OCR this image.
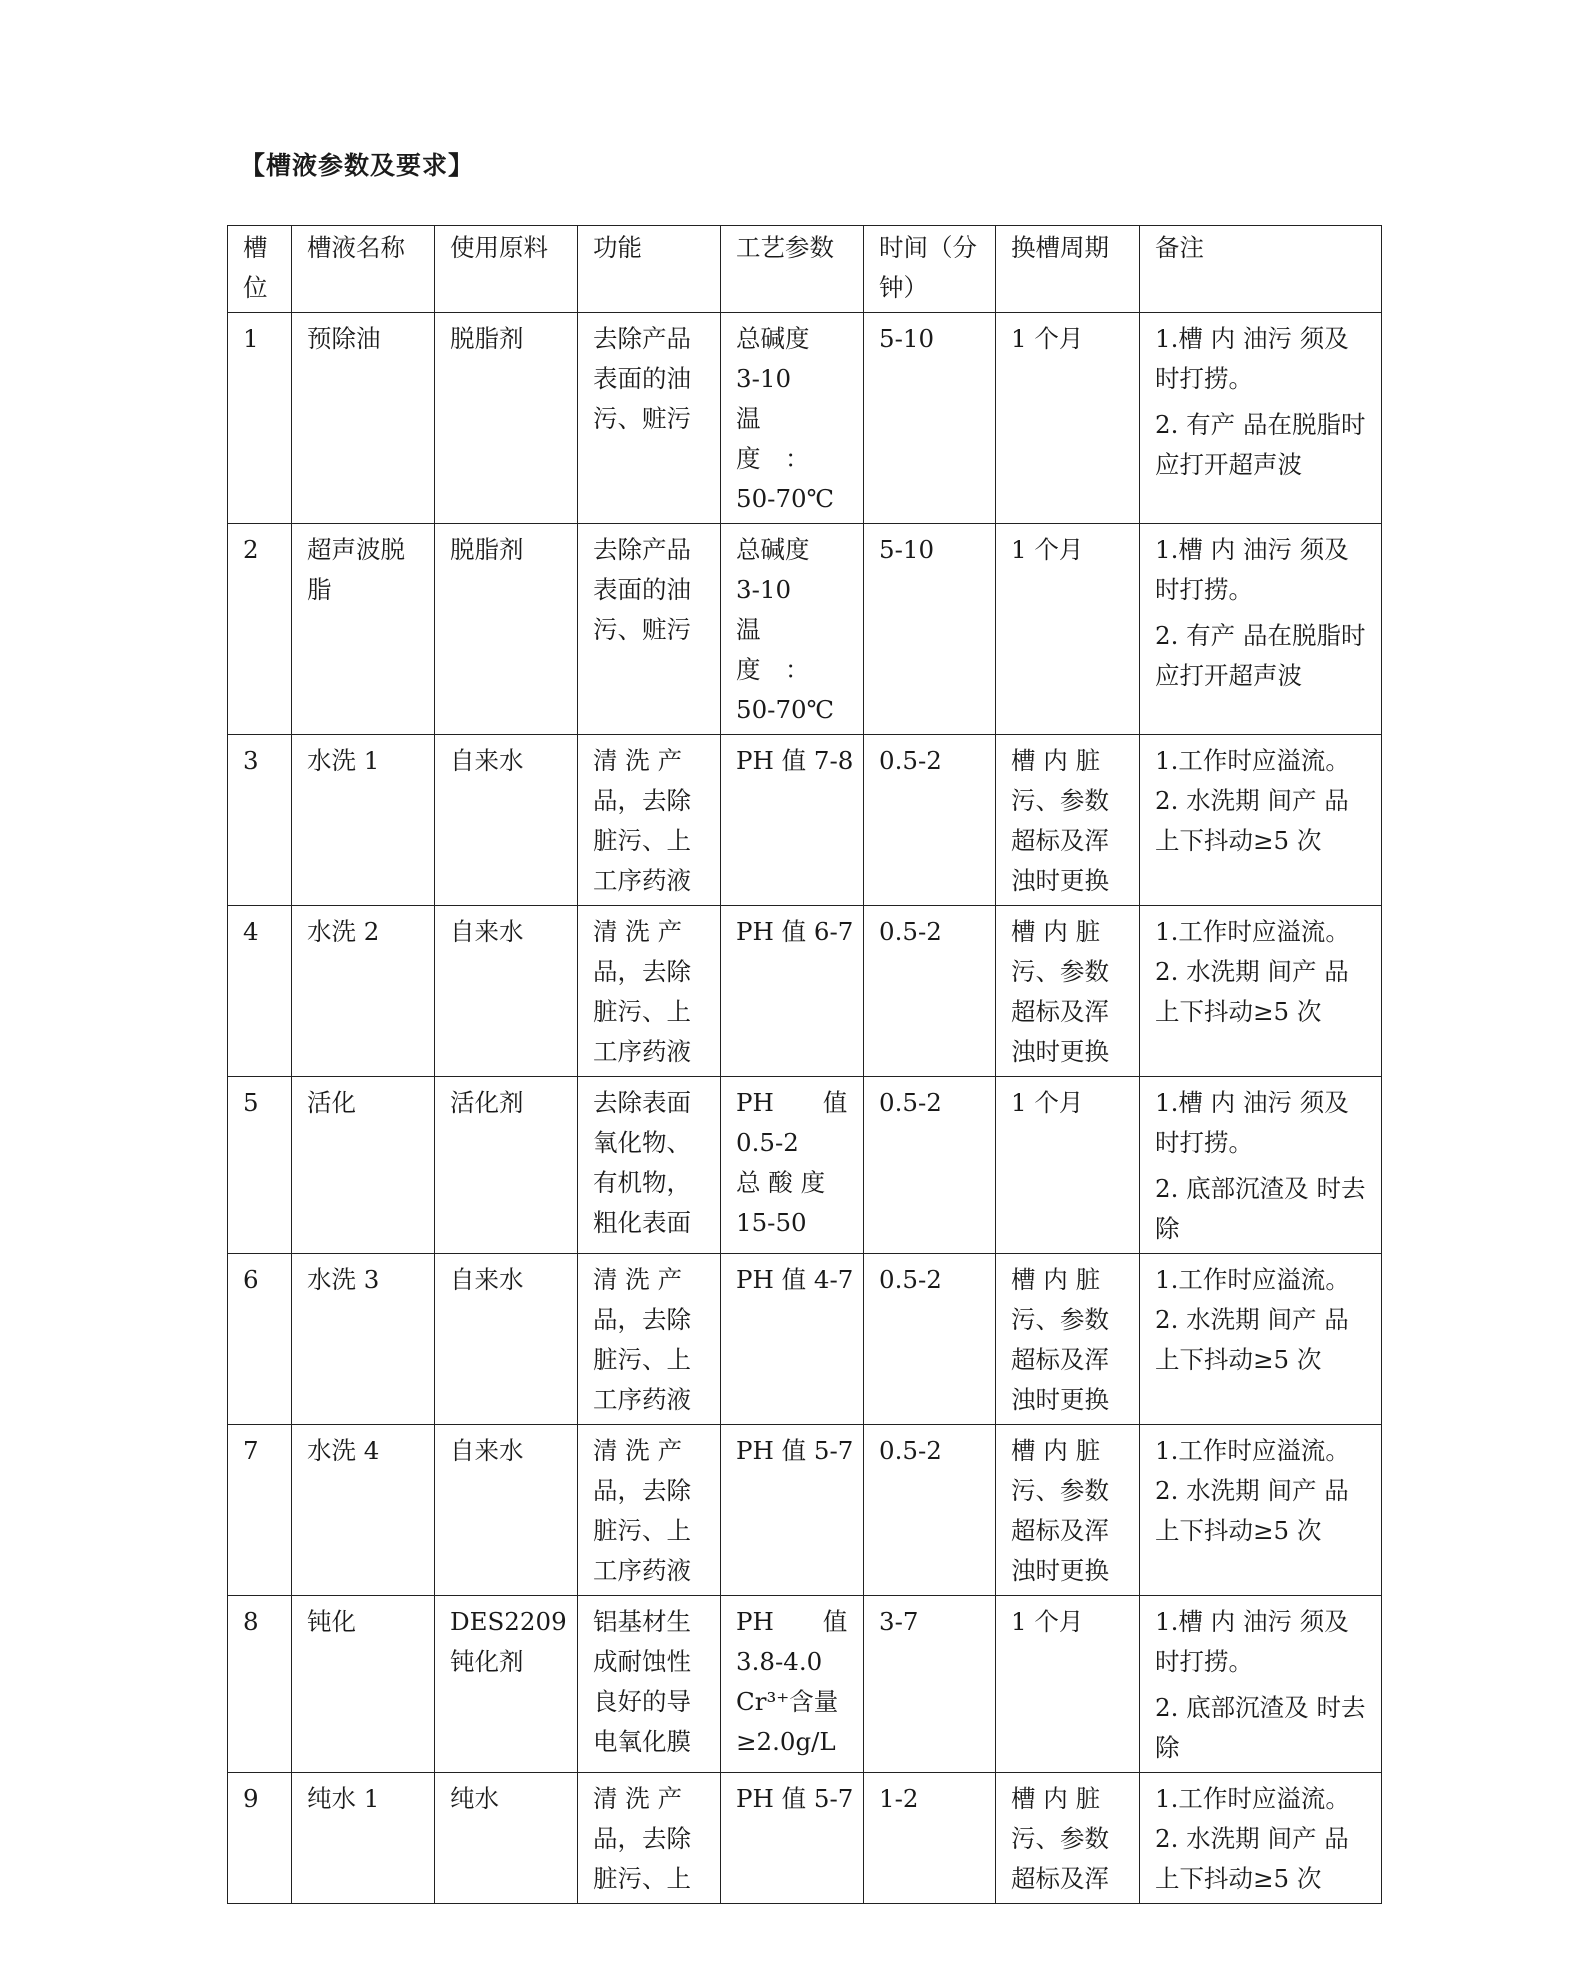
【槽液参数及要求】
槽位	槽液名称	使用原料	功能	工艺参数	时间（分钟）	换槽周期	备注
1	预除油	脱脂剂	去除产品表面的油污、赃污	总碱度
3-10
温　度　：
50-70℃	5-10	1 个月	1.槽 内 油污 须及时打捞。
2. 有产 品在脱脂时应打开超声波

2	超声波脱脂	脱脂剂	去除产品表面的油污、赃污	总碱度
3-10
温　度　：
50-70℃	5-10	1 个月	1.槽 内 油污 须及时打捞。
2. 有产 品在脱脂时应打开超声波

3	水洗 1	自来水	清 洗 产品，去除脏污、上工序药液	PH 值 7-8	0.5-2	槽 内 脏污、参数超标及浑浊时更换	1.工作时应溢流。 2. 水洗期 间产 品上下抖动≥5 次

4	水洗 2	自来水	清 洗 产品，去除脏污、上工序药液	PH 值 6-7	0.5-2	槽 内 脏污、参数超标及浑浊时更换	1.工作时应溢流。 2. 水洗期 间产 品上下抖动≥5 次

5	活化	活化剂	去除表面氧化物、有机物，粗化表面	PH　　值
0.5-2
总 酸 度
15-50	0.5-2	1 个月	1.槽 内 油污 须及时打捞。
2. 底部沉渣及 时去除

6	水洗 3	自来水	清 洗 产品，去除脏污、上工序药液	PH 值 4-7	0.5-2	槽 内 脏污、参数超标及浑浊时更换	1.工作时应溢流。 2. 水洗期 间产 品上下抖动≥5 次

7	水洗 4	自来水	清 洗 产品，去除脏污、上工序药液	PH 值 5-7	0.5-2	槽 内 脏污、参数超标及浑浊时更换	1.工作时应溢流。 2. 水洗期 间产 品上下抖动≥5 次

8	钝化	DES2209 钝化剂	铝基材生成耐蚀性良好的导电氧化膜	PH　　值
3.8-4.0
Cr³⁺含量
≥2.0g/L	3-7	1 个月	1.槽 内 油污 须及时打捞。
2. 底部沉渣及 时去除

9	纯水 1	纯水	清 洗 产品，去除脏污、上	PH 值 5-7	1-2	槽 内 脏污、参数超标及浑	1.工作时应溢流。 2. 水洗期 间产 品上下抖动≥5 次
